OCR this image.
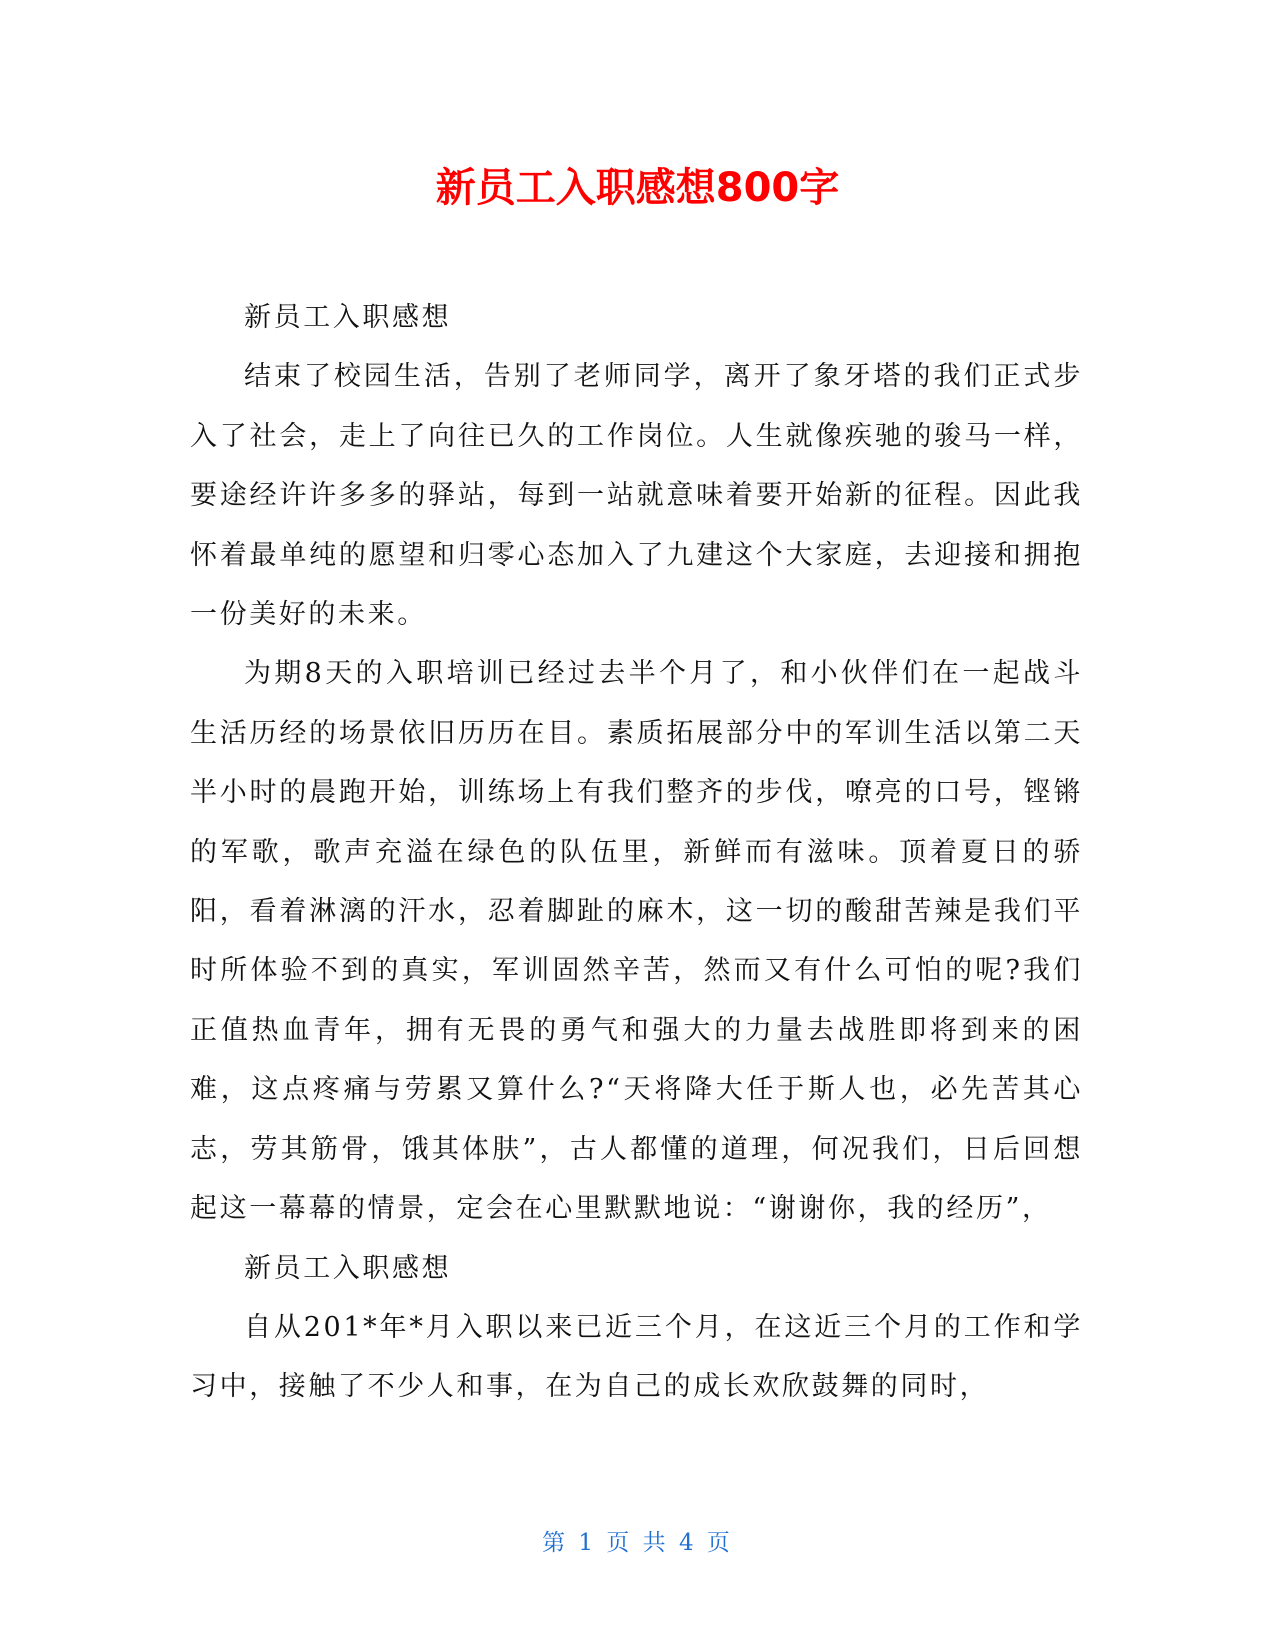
新员工入职感想800字

新员工入职感想

结束了校园生活，告别了老师同学，离开了象牙塔的我们正式步入了社会，走上了向往已久的工作岗位。人生就像疾驰的骏马一样，要途经许许多多的驿站，每到一站就意味着要开始新的征程。因此我怀着最单纯的愿望和归零心态加入了九建这个大家庭，去迎接和拥抱一份美好的未来。

为期8天的入职培训已经过去半个月了，和小伙伴们在一起战斗生活历经的场景依旧历历在目。素质拓展部分中的军训生活以第二天半小时的晨跑开始，训练场上有我们整齐的步伐，嘹亮的口号，铿锵的军歌，歌声充溢在绿色的队伍里，新鲜而有滋味。顶着夏日的骄阳，看着淋漓的汗水，忍着脚趾的麻木，这一切的酸甜苦辣是我们平时所体验不到的真实，军训固然辛苦，然而又有什么可怕的呢?我们正值热血青年，拥有无畏的勇气和强大的力量去战胜即将到来的困难，这点疼痛与劳累又算什么?“天将降大任于斯人也，必先苦其心志，劳其筋骨，饿其体肤”，古人都懂的道理，何况我们，日后回想起这一幕幕的情景，定会在心里默默地说：“谢谢你，我的经历”，

新员工入职感想

自从201*年*月入职以来已近三个月，在这近三个月的工作和学习中，接触了不少人和事，在为自己的成长欢欣鼓舞的同时，

第 1 页 共 4 页
